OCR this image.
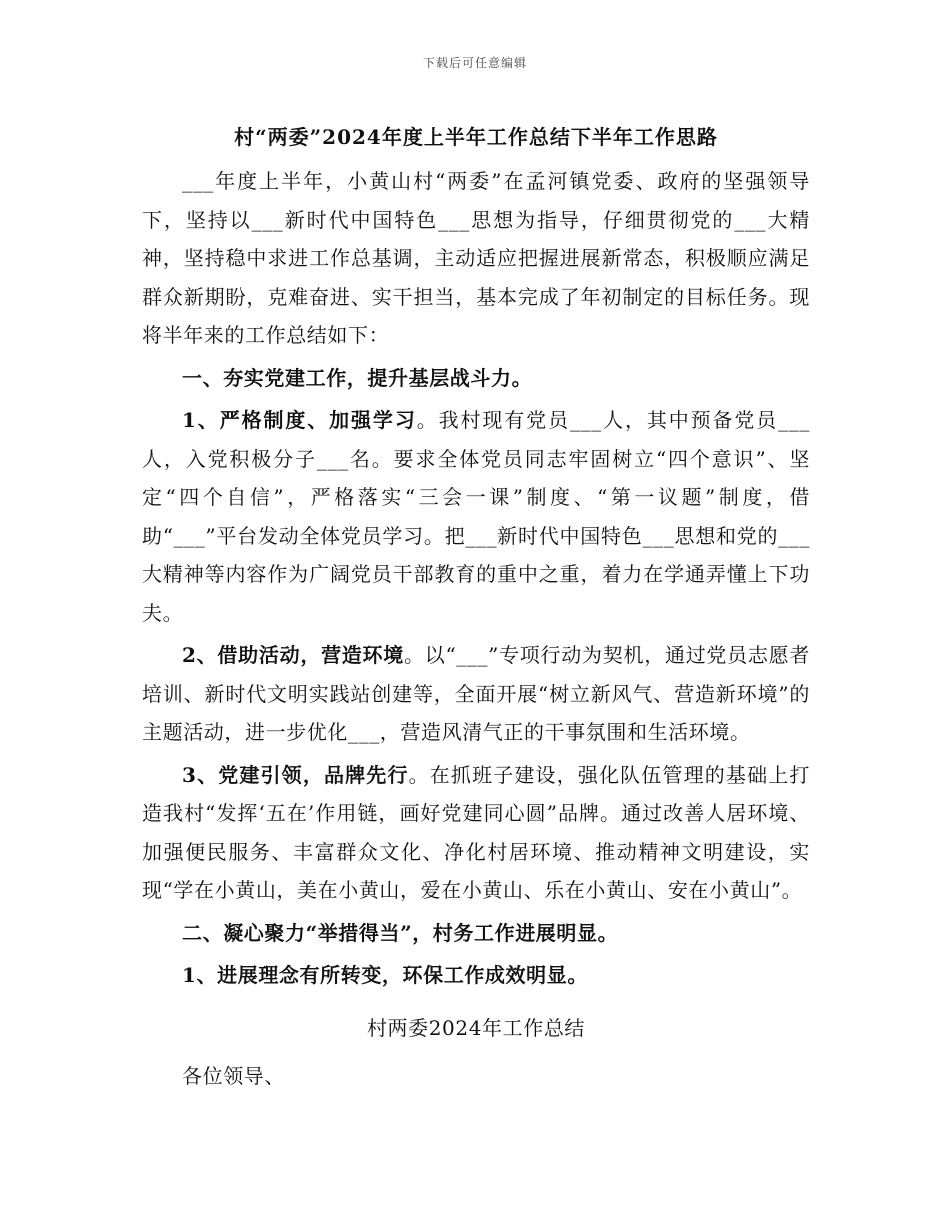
下载后可任意编辑
村“两委”2024年度上半年工作总结下半年工作思路

___年度上半年，小黄山村“两委”在孟河镇党委、政府的坚强领导下，坚持以___新时代中国特色___思想为指导，仔细贯彻党的___大精神，坚持稳中求进工作总基调，主动适应把握进展新常态，积极顺应满足群众新期盼，克难奋进、实干担当，基本完成了年初制定的目标任务。现将半年来的工作总结如下：

一、夯实党建工作，提升基层战斗力。

1、严格制度、加强学习。我村现有党员___人，其中预备党员___人，入党积极分子___名。要求全体党员同志牢固树立“四个意识”、坚定“四个自信”，严格落实“三会一课”制度、“第一议题”制度，借助“___”平台发动全体党员学习。把___新时代中国特色___思想和党的___大精神等内容作为广阔党员干部教育的重中之重，着力在学通弄懂上下功夫。

2、借助活动，营造环境。以“___”专项行动为契机，通过党员志愿者培训、新时代文明实践站创建等，全面开展“树立新风气、营造新环境”的主题活动，进一步优化___，营造风清气正的干事氛围和生活环境。

3、党建引领，品牌先行。在抓班子建设，强化队伍管理的基础上打造我村“发挥‘五在’作用链，画好党建同心圆”品牌。通过改善人居环境、加强便民服务、丰富群众文化、净化村居环境、推动精神文明建设，实现“学在小黄山，美在小黄山，爱在小黄山、乐在小黄山、安在小黄山”。

二、凝心聚力“举措得当”，村务工作进展明显。

1、进展理念有所转变，环保工作成效明显。

村两委2024年工作总结

各位领导、
